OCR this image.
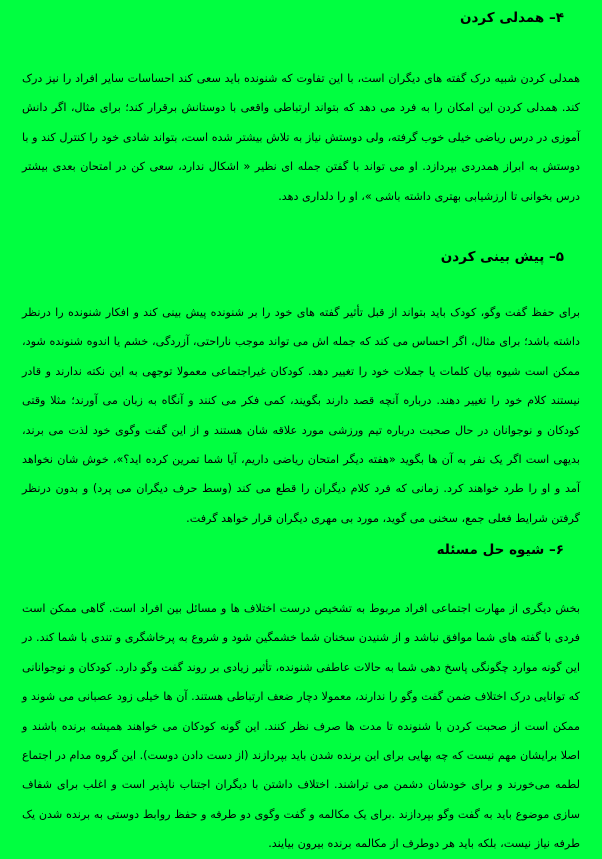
۴– همدلی کردن

همدلی کردن شبیه درک گفته های دیگران است، با این تفاوت که شنونده باید سعی کند احساسات سایر افراد را نیز درک کند. همدلی کردن این امکان را به فرد می دهد که بتواند ارتباطی واقعی با دوستانش برقرار کند؛ برای مثال، اگر دانش آموزی در درس ریاضی خیلی خوب گرفته، ولی دوستش نیاز به تلاش بیشتر شده است، بتواند شادی خود را کنترل کند و با دوستش به ابراز همدردی بپردازد. او می تواند با گفتن جمله ای نظیر « اشکال ندارد، سعی کن در امتحان بعدی بیشتر درس بخوانی تا ارزشیابی بهتری داشته باشی »، او را دلداری دهد.

۵– پیش بینی کردن

برای حفظ گفت وگو، کودک باید بتواند از قبل تأثیر گفته های خود را بر شنونده پیش بینی کند و افکار شنونده را درنظر داشته باشد؛ برای مثال، اگر احساس می کند که جمله اش می تواند موجب ناراحتی، آزردگی، خشم یا اندوه شنونده شود، ممکن است شیوه بیان کلمات یا جملات خود را تغییر دهد. کودکان غیراجتماعی معمولا توجهی به این نکته ندارند و قادر نیستند کلام خود را تغییر دهند. درباره آنچه قصد دارند بگویند، کمی فکر می کنند و آنگاه به زبان می آورند؛ مثلا وقتی کودکان و نوجوانان در حال صحبت درباره تیم ورزشی مورد علاقه شان هستند و از این گفت وگوی خود لذت می برند، بدیهی است اگر یک نفر به آن ها بگوید «هفته دیگر امتحان ریاضی داریم، آیا شما تمرین کرده اید؟»، خوش شان نخواهد آمد و او را طرد خواهند کرد. زمانی که فرد کلام دیگران را قطع می کند (وسط حرف دیگران می پرد) و بدون درنظر گرفتن شرایط فعلی جمع، سخنی می گوید، مورد بی مهری دیگران قرار خواهد گرفت.

۶– شیوه حل مسئله

بخش دیگری از مهارت اجتماعی افراد مربوط به تشخیص درست اختلاف ها و مسائل بین افراد است. گاهی ممکن است فردی با گفته های شما موافق نباشد و از شنیدن سخنان شما خشمگین شود و شروع به پرخاشگری و تندی با شما کند. در این گونه موارد چگونگی پاسخ دهی شما به حالات عاطفی شنونده، تأثیر زیادی بر روند گفت وگو دارد. کودکان و نوجوانانی که توانایی درک اختلاف ضمن گفت وگو را ندارند، معمولا دچار ضعف ارتباطی هستند. آن ها خیلی زود عصبانی می شوند و ممکن است از صحبت کردن با شنونده تا مدت ها صرف نظر کنند. این گونه کودکان می خواهند همیشه برنده باشند و اصلا برایشان مهم نیست که چه بهایی برای این برنده شدن باید بپردازند (از دست دادن دوست). این گروه مدام در اجتماع لطمه می‌خورند و برای خودشان دشمن می تراشند. اختلاف داشتن با دیگران اجتناب ناپذیر است و اغلب برای شفاف سازی موضوع باید به گفت وگو بپردازند .برای یک مکالمه و گفت وگوی دو طرفه و حفظ روابط دوستی به برنده شدن یک طرفه نیاز نیست، بلکه باید هر دوطرف از مکالمه برنده بیرون بیایند.
